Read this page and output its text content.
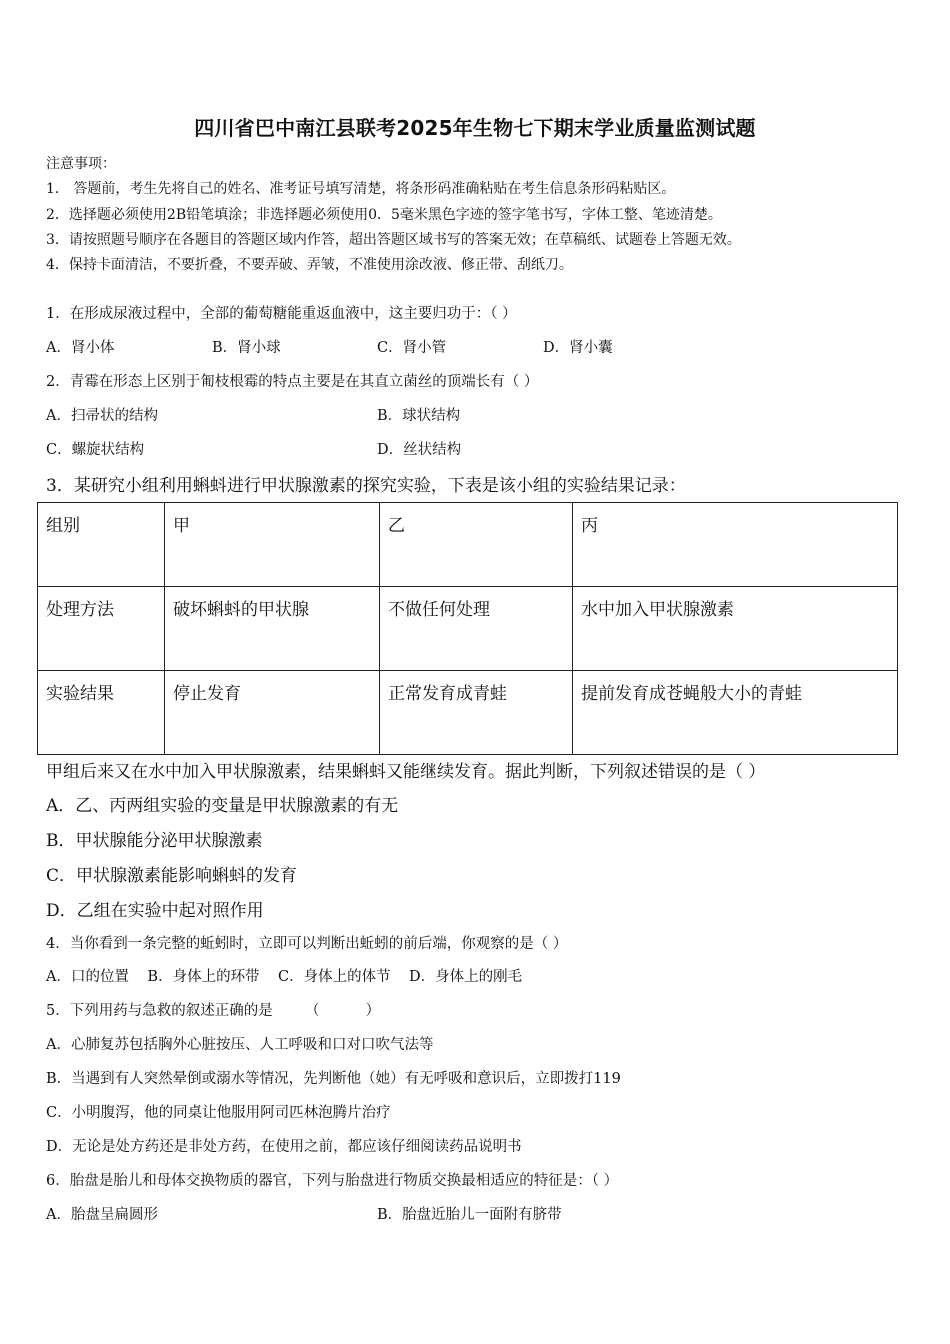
四川省巴中南江县联考2025年生物七下期末学业质量监测试题
注意事项：
1． 答题前，考生先将自己的姓名、准考证号填写清楚，将条形码准确粘贴在考生信息条形码粘贴区。
2．选择题必须使用2B铅笔填涂；非选择题必须使用0．5毫米黑色字迹的签字笔书写，字体工整、笔迹清楚。
3．请按照题号顺序在各题目的答题区域内作答，超出答题区域书写的答案无效；在草稿纸、试题卷上答题无效。
4．保持卡面清洁，不要折叠，不要弄破、弄皱，不准使用涂改液、修正带、刮纸刀。
1．在形成尿液过程中，全部的葡萄糖能重返血液中，这主要归功于：（ ）
A．肾小体	B．肾小球	C．肾小管	D．肾小囊
2．青霉在形态上区别于匍枝根霉的特点主要是在其直立菌丝的顶端长有（ ）
A．扫帚状的结构	B．球状结构
C．螺旋状结构	D．丝状结构
3．某研究小组利用蝌蚪进行甲状腺激素的探究实验，下表是该小组的实验结果记录：
组别	甲	乙	丙
处理方法	破坏蝌蚪的甲状腺	不做任何处理	水中加入甲状腺激素
实验结果	停止发育	正常发育成青蛙	提前发育成苍蝇般大小的青蛙
甲组后来又在水中加入甲状腺激素，结果蝌蚪又能继续发育。据此判断，下列叙述错误的是（ ）
A．乙、丙两组实验的变量是甲状腺激素的有无
B．甲状腺能分泌甲状腺激素
C．甲状腺激素能影响蝌蚪的发育
D．乙组在实验中起对照作用
4．当你看到一条完整的蚯蚓时，立即可以判断出蚯蚓的前后端，你观察的是（ ）
A．口的位置    B．身体上的环带    C．身体上的体节    D．身体上的刚毛
5．下列用药与急救的叙述正确的是       （          ）
A．心肺复苏包括胸外心脏按压、人工呼吸和口对口吹气法等
B．当遇到有人突然晕倒或溺水等情况，先判断他（她）有无呼吸和意识后，立即拨打119
C．小明腹泻，他的同桌让他服用阿司匹林泡腾片治疗
D．无论是处方药还是非处方药，在使用之前，都应该仔细阅读药品说明书
6．胎盘是胎儿和母体交换物质的器官，下列与胎盘进行物质交换最相适应的特征是：（ ）
A．胎盘呈扁圆形	B．胎盘近胎儿一面附有脐带
